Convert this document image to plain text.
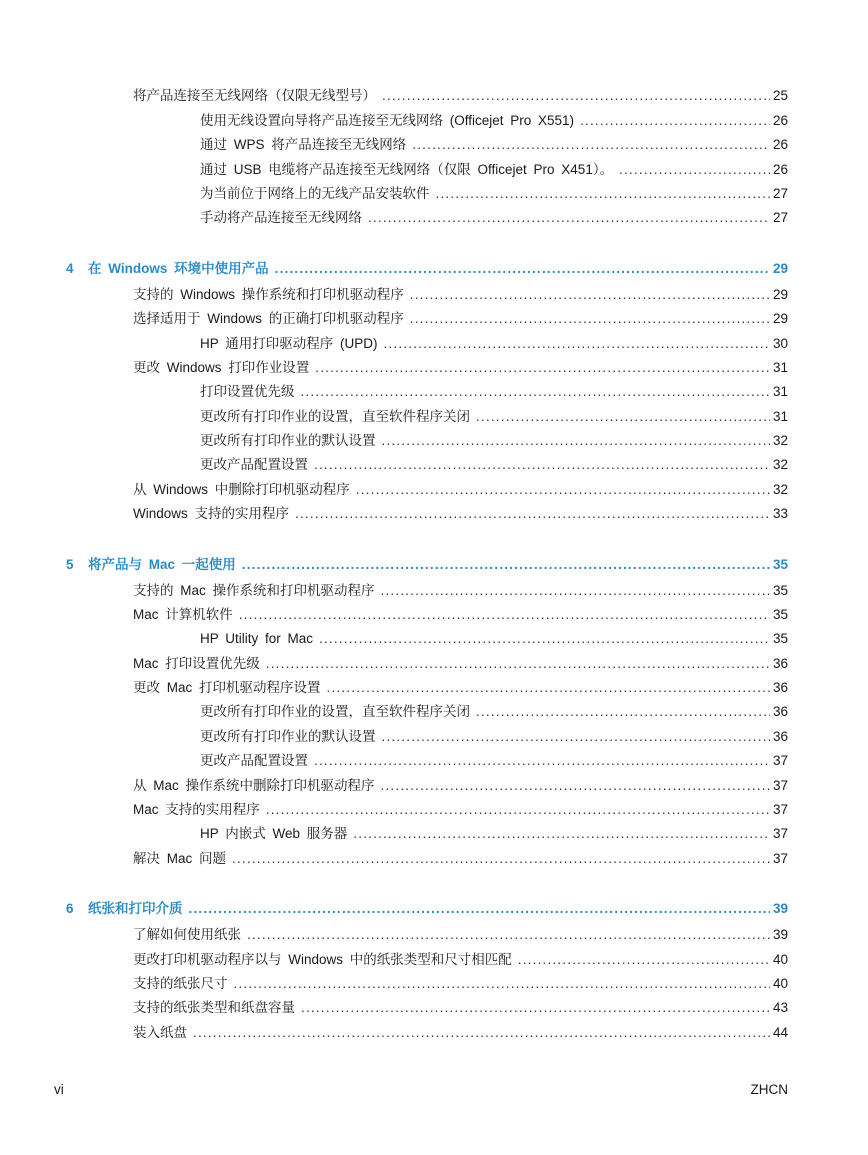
将产品连接至无线网络（仅限无线型号） .....	25
使用无线设置向导将产品连接至无线网络 (Officejet Pro X551) .....	26
通过 WPS 将产品连接至无线网络 .....	26
通过 USB 电缆将产品连接至无线网络（仅限 Officejet Pro X451）。 .....	26
为当前位于网络上的无线产品安装软件 .....	27
手动将产品连接至无线网络 .....	27
4 在 Windows 环境中使用产品 .....	29
支持的 Windows 操作系统和打印机驱动程序 .....	29
选择适用于 Windows 的正确打印机驱动程序 .....	29
HP 通用打印驱动程序 (UPD) .....	30
更改 Windows 打印作业设置 .....	31
打印设置优先级 .....	31
更改所有打印作业的设置，直至软件程序关闭 .....	31
更改所有打印作业的默认设置 .....	32
更改产品配置设置 .....	32
从 Windows 中删除打印机驱动程序 .....	32
Windows 支持的实用程序 .....	33
5 将产品与 Mac 一起使用 .....	35
支持的 Mac 操作系统和打印机驱动程序 .....	35
Mac 计算机软件 .....	35
HP Utility for Mac .....	35
Mac 打印设置优先级 .....	36
更改 Mac 打印机驱动程序设置 .....	36
更改所有打印作业的设置，直至软件程序关闭 .....	36
更改所有打印作业的默认设置 .....	36
更改产品配置设置 .....	37
从 Mac 操作系统中删除打印机驱动程序 .....	37
Mac 支持的实用程序 .....	37
HP 内嵌式 Web 服务器 .....	37
解决 Mac 问题 .....	37
6 纸张和打印介质 .....	39
了解如何使用纸张 .....	39
更改打印机驱动程序以与 Windows 中的纸张类型和尺寸相匹配 .....	40
支持的纸张尺寸 .....	40
支持的纸张类型和纸盘容量 .....	43
装入纸盘 .....	44
vi	ZHCN
